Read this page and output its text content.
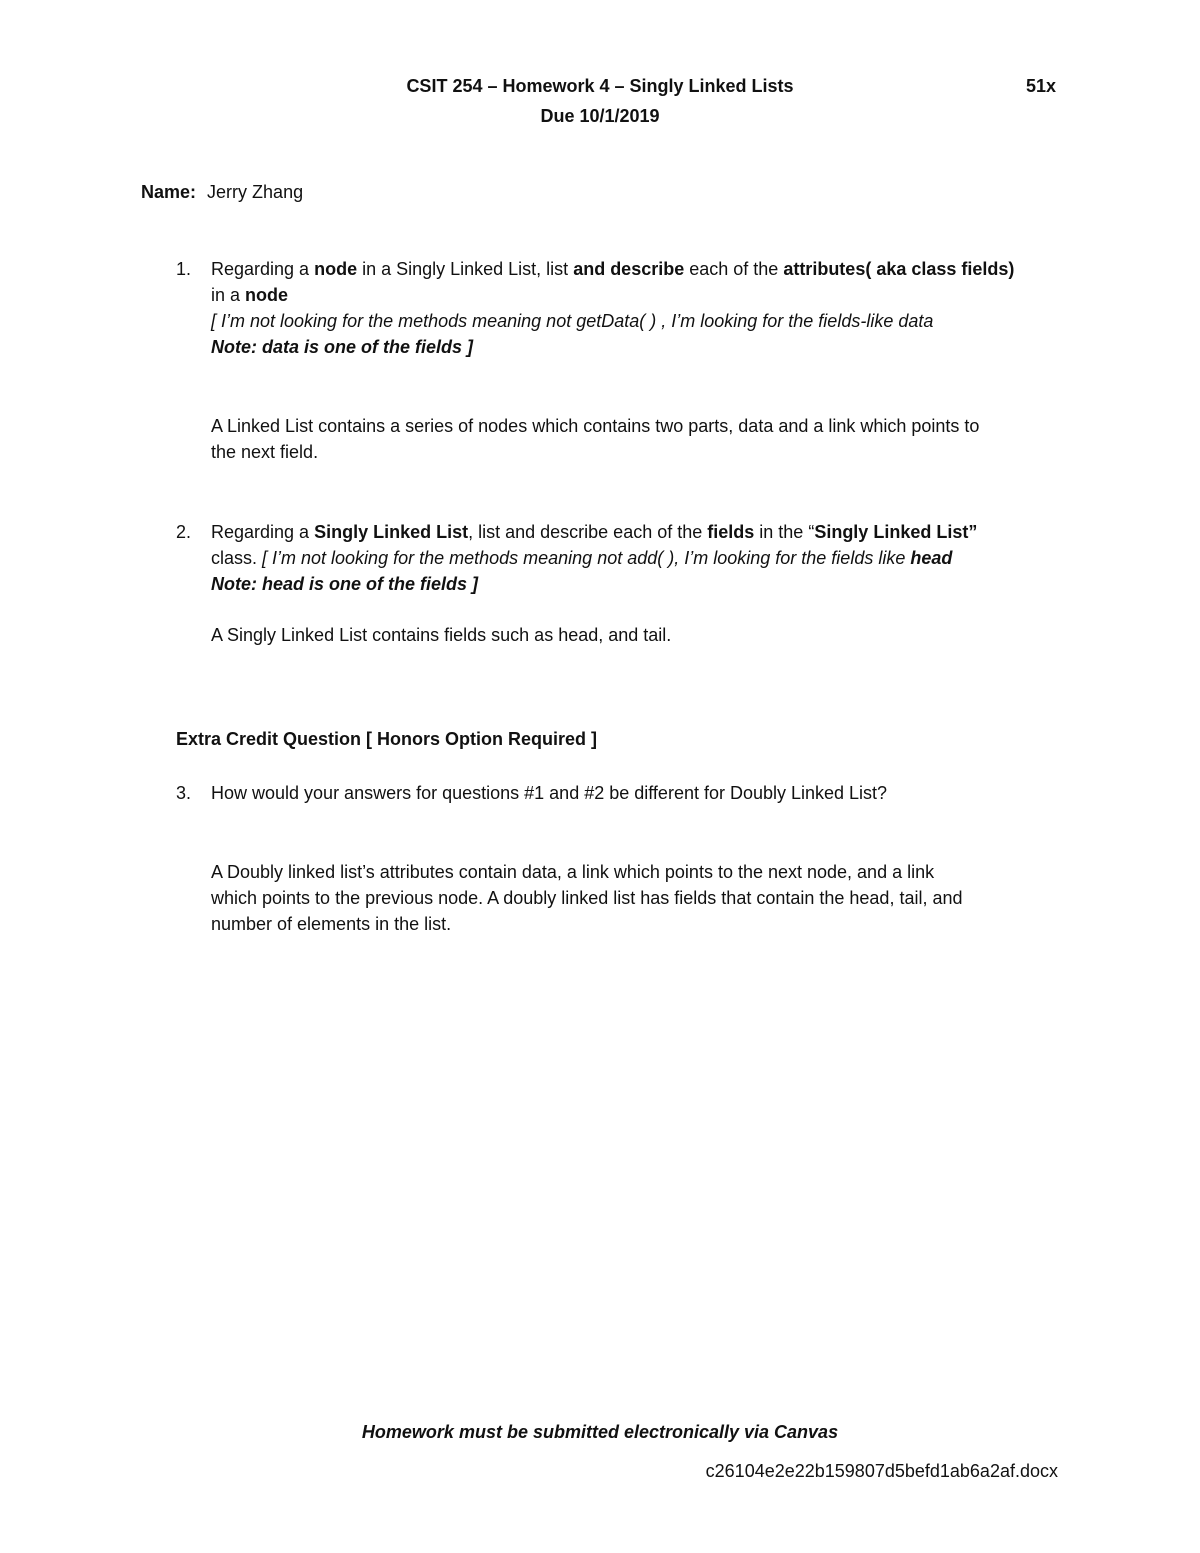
CSIT 254 – Homework 4 – Singly Linked Lists	51x
Due 10/1/2019
Name: Jerry Zhang
1. Regarding a node in a Singly Linked List, list and describe each of the attributes( aka class fields)
in a node
[ I’m not looking for the methods meaning not getData( ) , I’m looking for the fields-like data
Note: data is one of the fields ]
A Linked List contains a series of nodes which contains two parts, data and a link which points to
the next field.
2. Regarding a Singly Linked List, list and describe each of the fields in the “Singly Linked List”
class. [ I’m not looking for the methods meaning not add( ), I’m looking for the fields like head
Note: head is one of the fields ]
A Singly Linked List contains fields such as head, and tail.
Extra Credit Question [ Honors Option Required ]
3. How would your answers for questions #1 and #2 be different for Doubly Linked List?
A Doubly linked list’s attributes contain data, a link which points to the next node, and a link
which points to the previous node. A doubly linked list has fields that contain the head, tail, and
number of elements in the list.
Homework must be submitted electronically via Canvas
c26104e2e22b159807d5befd1ab6a2af.docx
